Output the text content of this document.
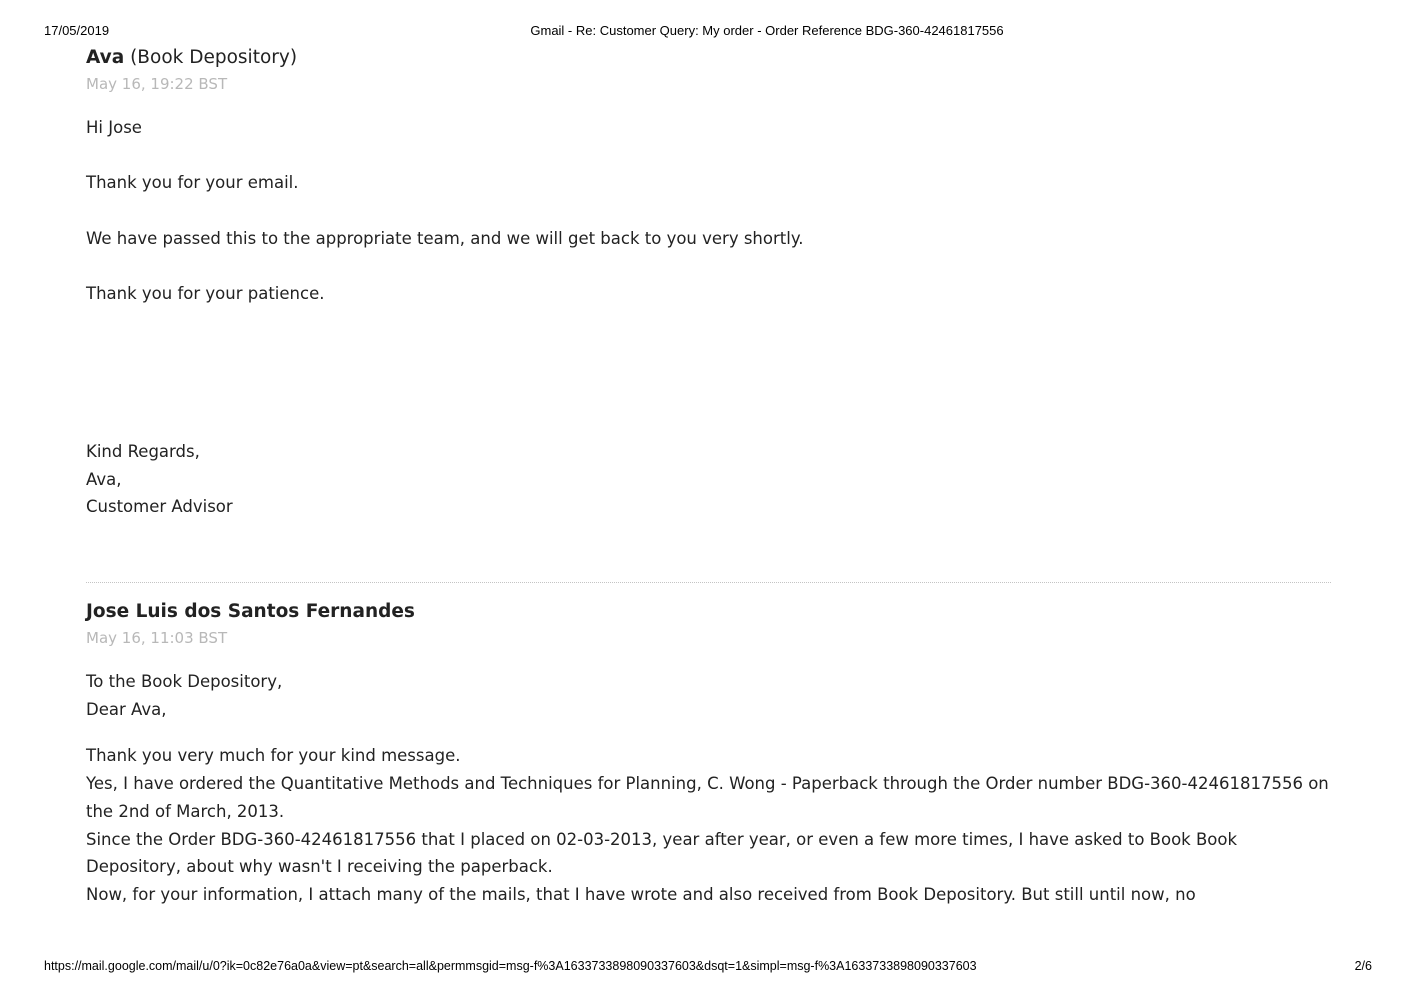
17/05/2019	Gmail - Re: Customer Query: My order - Order Reference BDG-360-42461817556
Ava (Book Depository)
May 16, 19:22 BST

Hi Jose

Thank you for your email.

We have passed this to the appropriate team, and we will get back to you very shortly.

Thank you for your patience.

Kind Regards,

Ava,

Customer Advisor

Jose Luis dos Santos Fernandes
May 16, 11:03 BST

To the Book Depository,

Dear Ava,

Thank you very much for your kind message.

Yes, I have ordered the Quantitative Methods and Techniques for Planning, C. Wong - Paperback through the Order number BDG-360-42461817556 on the 2nd of March, 2013.

Since the Order BDG-360-42461817556 that I placed on 02-03-2013, year after year, or even a few more times, I have asked to Book Book Depository, about why wasn't I receiving the paperback.

Now, for your information, I attach many of the mails, that I have wrote and also received from Book Depository. But still until now, no

https://mail.google.com/mail/u/0?ik=0c82e76a0a&view=pt&search=all&permmsgid=msg-f%3A1633733898090337603&dsqt=1&simpl=msg-f%3A1633733898090337603	2/6
